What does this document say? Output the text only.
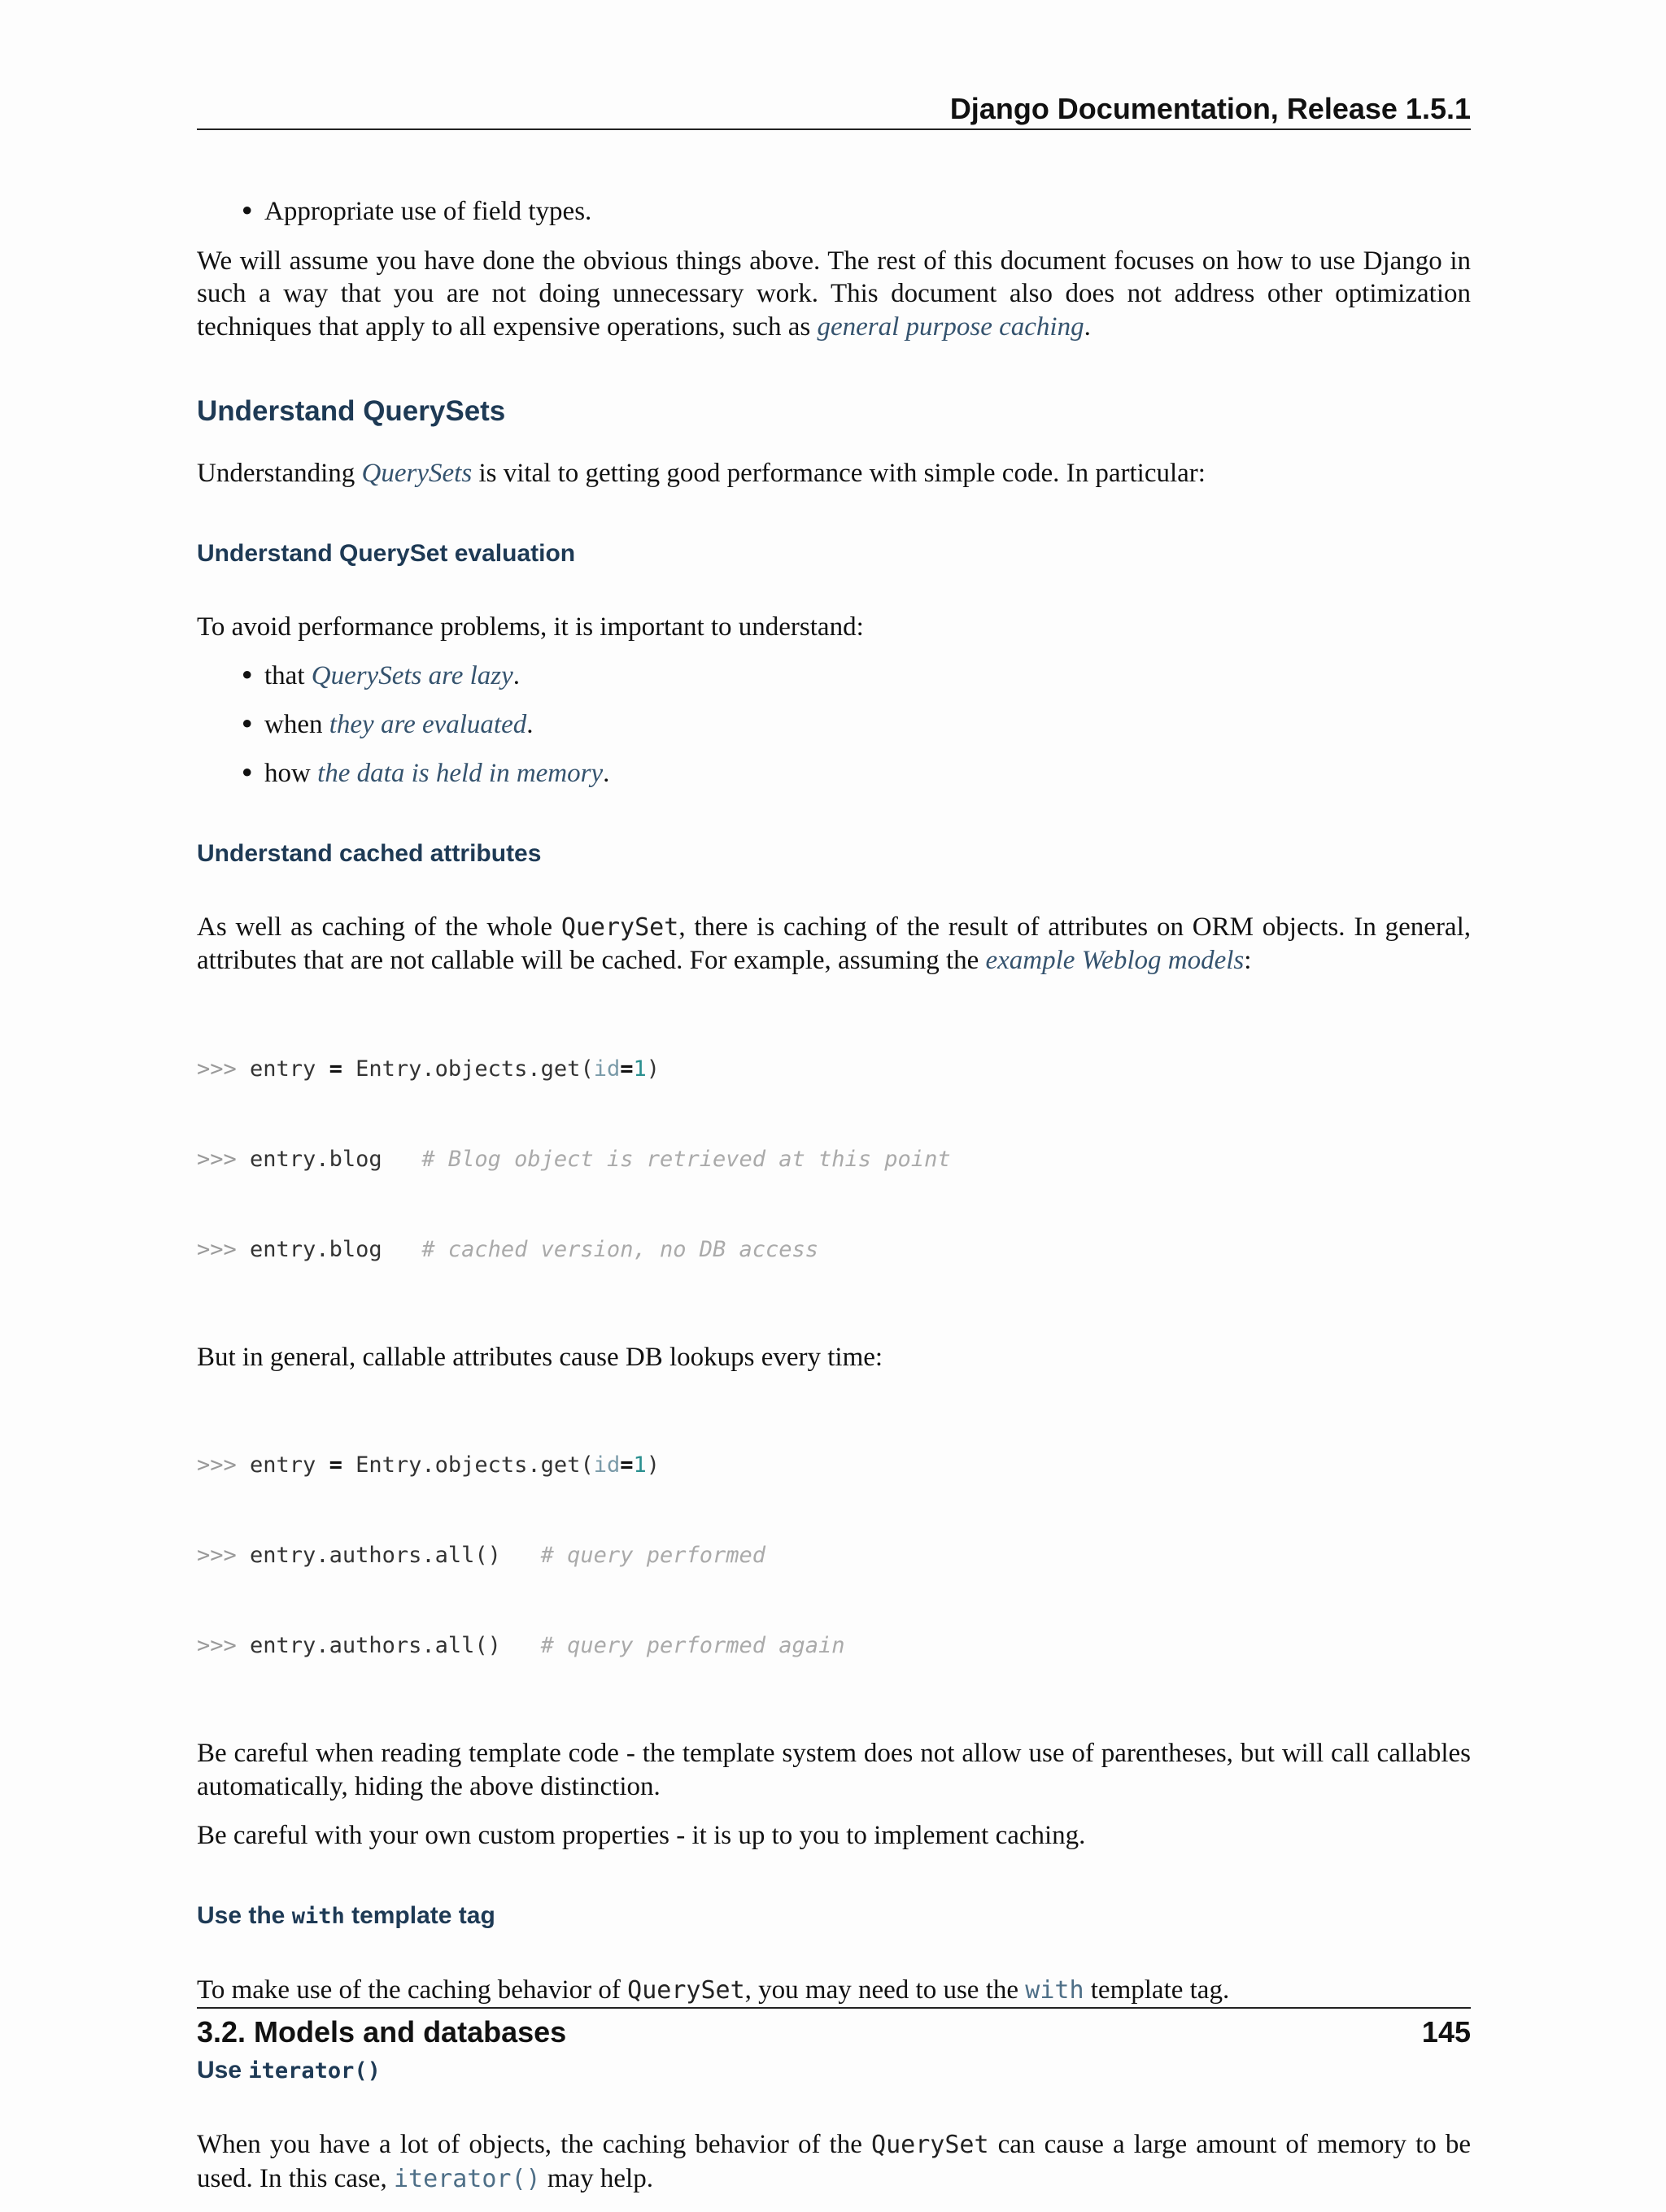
Django Documentation, Release 1.5.1
• Appropriate use of field types.

We will assume you have done the obvious things above. The rest of this document focuses on how to use Django in such a way that you are not doing unnecessary work. This document also does not address other optimization techniques that apply to all expensive operations, such as general purpose caching.

Understand QuerySets

Understanding QuerySets is vital to getting good performance with simple code. In particular:

Understand QuerySet evaluation

To avoid performance problems, it is important to understand:

• that QuerySets are lazy.
• when they are evaluated.
• how the data is held in memory.
Understand cached attributes

As well as caching of the whole QuerySet, there is caching of the result of attributes on ORM objects. In general, attributes that are not callable will be cached. For example, assuming the example Weblog models:

>>> entry = Entry.objects.get(id=1)

>>> entry.blog   # Blog object is retrieved at this point

>>> entry.blog   # cached version, no DB access

But in general, callable attributes cause DB lookups every time:

>>> entry = Entry.objects.get(id=1)

>>> entry.authors.all()   # query performed

>>> entry.authors.all()   # query performed again

Be careful when reading template code - the template system does not allow use of parentheses, but will call callables automatically, hiding the above distinction.

Be careful with your own custom properties - it is up to you to implement caching.

Use the with template tag

To make use of the caching behavior of QuerySet, you may need to use the with template tag.

Use iterator()

When you have a lot of objects, the caching behavior of the QuerySet can cause a large amount of memory to be used. In this case, iterator() may help.

3.2. Models and databases	145
